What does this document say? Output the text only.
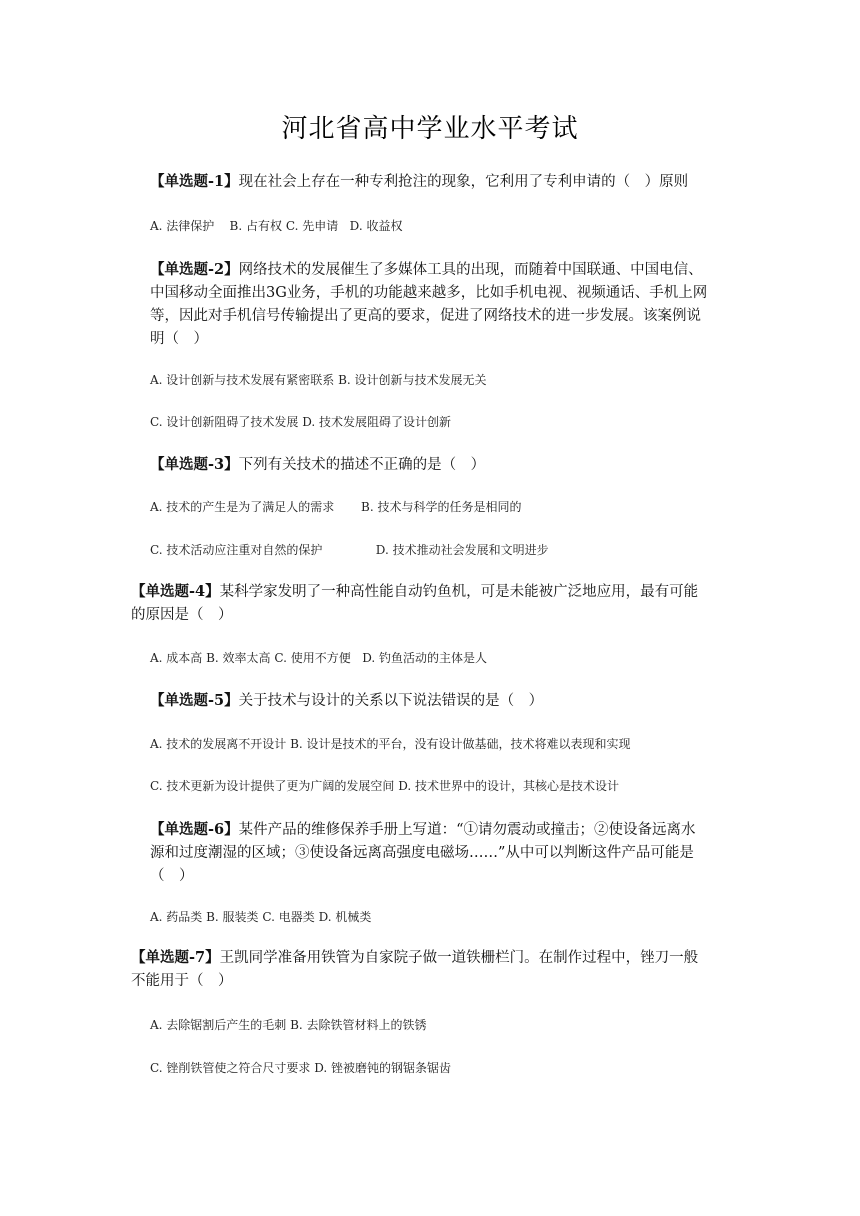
河北省高中学业水平考试
【单选题-1】现在社会上存在一种专利抢注的现象，它利用了专利申请的（　）原则
A. 法律保护    B. 占有权 C. 先申请   D. 收益权
【单选题-2】网络技术的发展催生了多媒体工具的出现，而随着中国联通、中国电信、中国移动全面推出3G业务，手机的功能越来越多，比如手机电视、视频通话、手机上网等，因此对手机信号传输提出了更高的要求，促进了网络技术的进一步发展。该案例说明（　）
A. 设计创新与技术发展有紧密联系 B. 设计创新与技术发展无关
C. 设计创新阻碍了技术发展 D. 技术发展阻碍了设计创新
【单选题-3】下列有关技术的描述不正确的是（　）
A. 技术的产生是为了满足人的需求       B. 技术与科学的任务是相同的
C. 技术活动应注重对自然的保护              D. 技术推动社会发展和文明进步
【单选题-4】某科学家发明了一种高性能自动钓鱼机，可是未能被广泛地应用，最有可能的原因是（　）
A. 成本高 B. 效率太高 C. 使用不方便   D. 钓鱼活动的主体是人
【单选题-5】关于技术与设计的关系以下说法错误的是（　）
A. 技术的发展离不开设计 B. 设计是技术的平台，没有设计做基础，技术将难以表现和实现
C. 技术更新为设计提供了更为广阔的发展空间 D. 技术世界中的设计，其核心是技术设计
【单选题-6】某件产品的维修保养手册上写道：“①请勿震动或撞击；②使设备远离水源和过度潮湿的区域；③使设备远离高强度电磁场……”从中可以判断这件产品可能是（　）
A. 药品类 B. 服装类 C. 电器类 D. 机械类
【单选题-7】王凯同学准备用铁管为自家院子做一道铁栅栏门。在制作过程中，锉刀一般不能用于（　）
A. 去除锯割后产生的毛刺 B. 去除铁管材料上的铁锈
C. 锉削铁管使之符合尺寸要求 D. 锉被磨钝的钢锯条锯齿
